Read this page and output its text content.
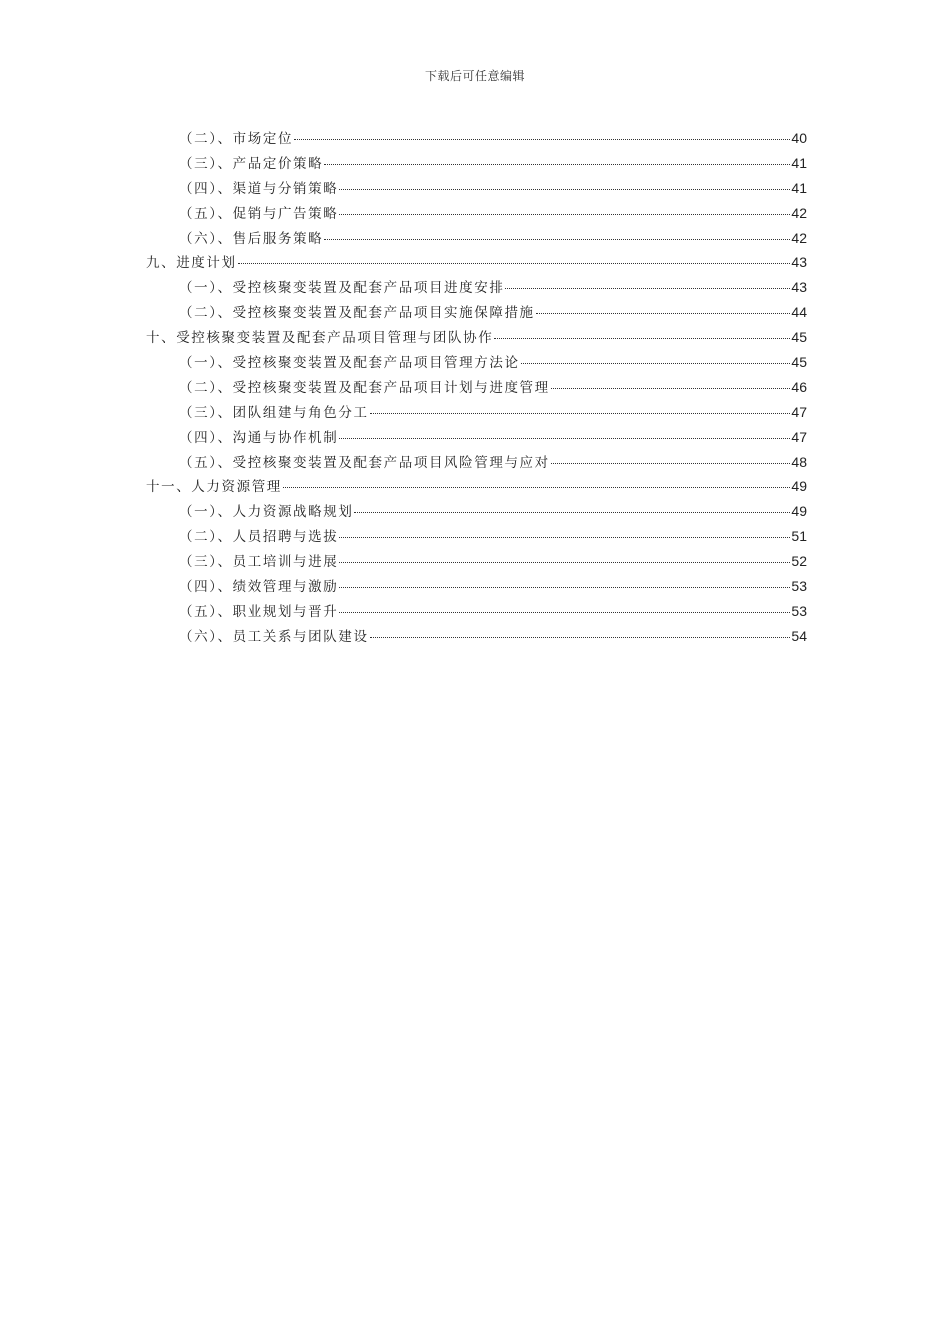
下载后可任意编辑
（二）、市场定位	40
（三）、产品定价策略	41
（四）、渠道与分销策略	41
（五）、促销与广告策略	42
（六）、售后服务策略	42
九、进度计划	43
（一）、受控核聚变装置及配套产品项目进度安排	43
（二）、受控核聚变装置及配套产品项目实施保障措施	44
十、受控核聚变装置及配套产品项目管理与团队协作	45
（一）、受控核聚变装置及配套产品项目管理方法论	45
（二）、受控核聚变装置及配套产品项目计划与进度管理	46
（三）、团队组建与角色分工	47
（四）、沟通与协作机制	47
（五）、受控核聚变装置及配套产品项目风险管理与应对	48
十一、人力资源管理	49
（一）、人力资源战略规划	49
（二）、人员招聘与选拔	51
（三）、员工培训与进展	52
（四）、绩效管理与激励	53
（五）、职业规划与晋升	53
（六）、员工关系与团队建设	54
